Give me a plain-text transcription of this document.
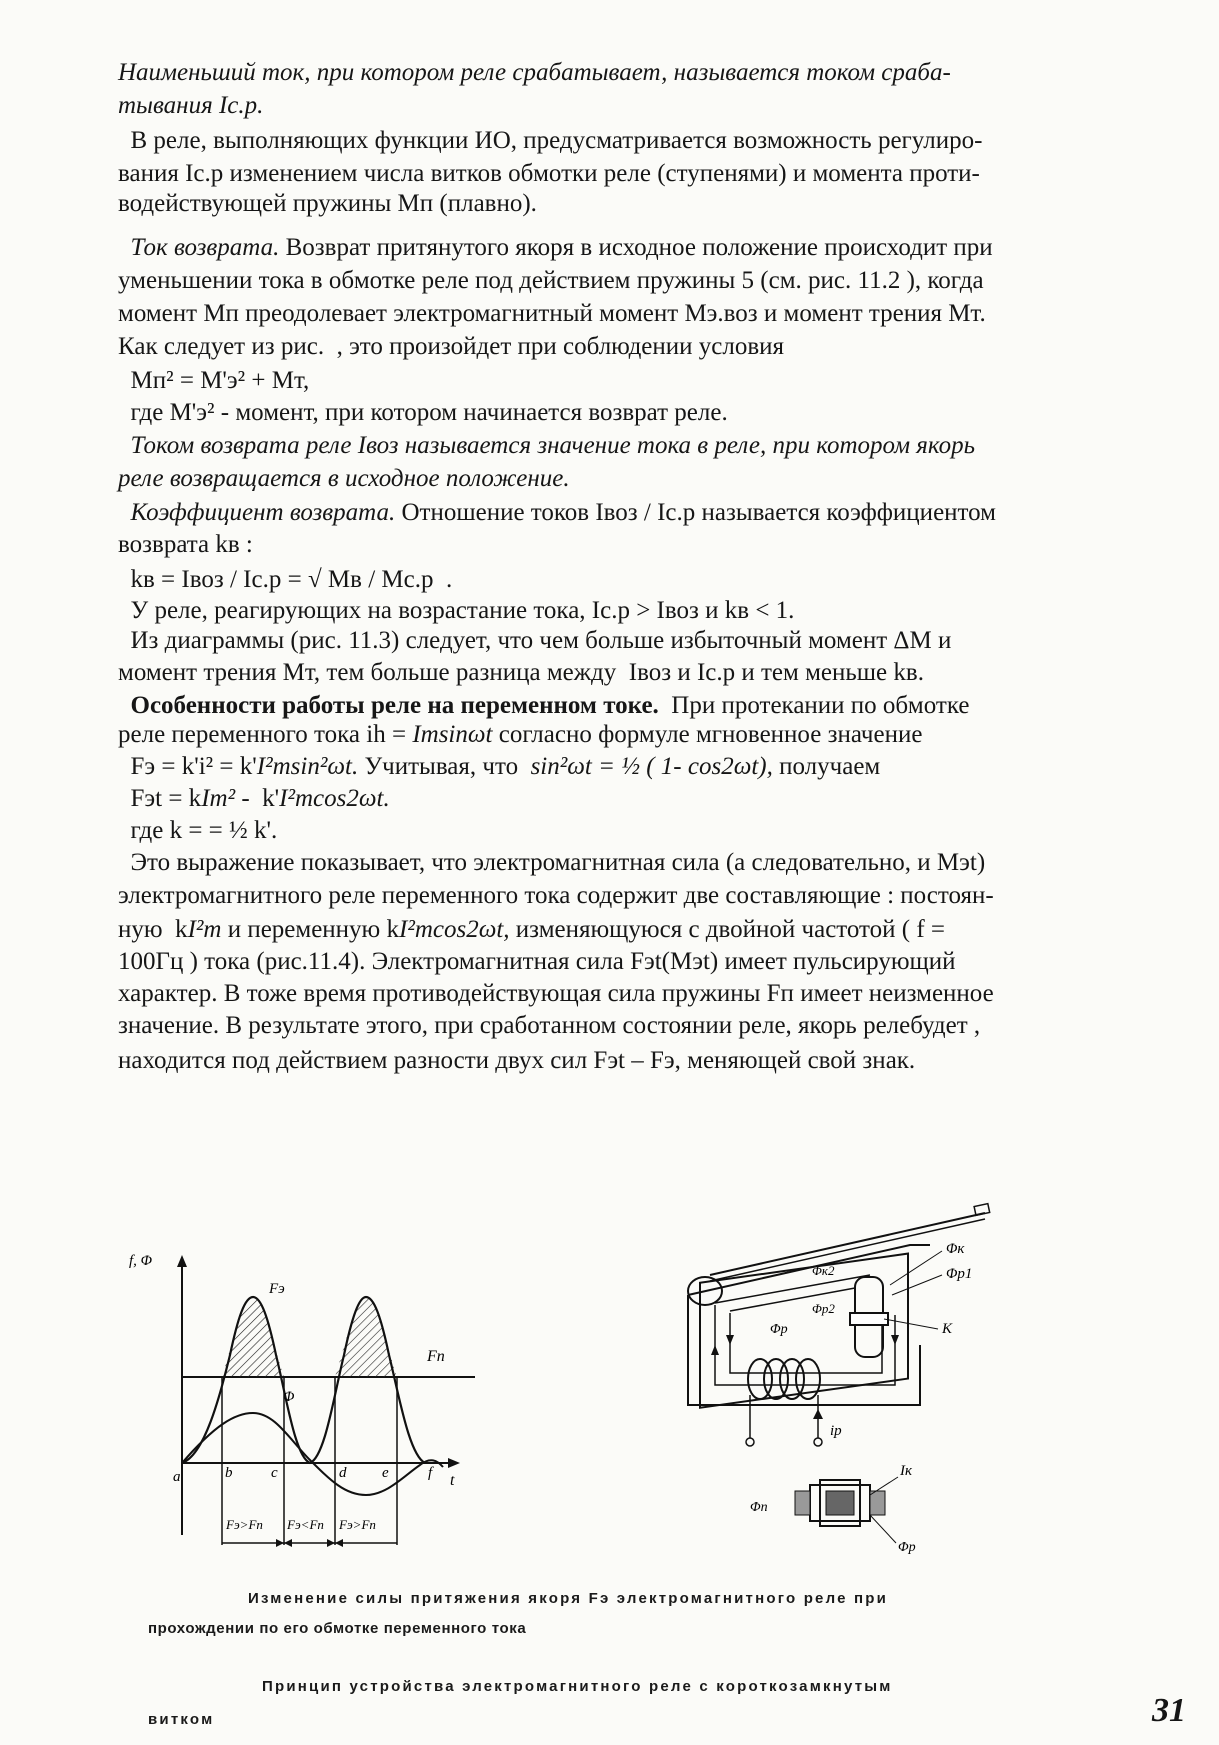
Наименьший ток, при котором реле срабатывает, называется током сраба-
тывания Iс.р.
В реле, выполняющих функции ИО, предусматривается возможность регулиро-
вания Iс.р изменением числа витков обмотки реле (ступенями) и момента проти-
водействующей пружины Мп (плавно).
Ток возврата. Возврат притянутого якоря в исходное положение происходит при
уменьшении тока в обмотке реле под действием пружины 5 (см. рис. 11.2 ), когда
момент Мп преодолевает электромагнитный момент Мэ.воз и момент трения Мт.
Как следует из рис.  , это произойдет при соблюдении условия
Мп² = М'э² + Мт,
где М'э² - момент, при котором начинается возврат реле.
Током возврата реле Iвоз называется значение тока в реле, при котором якорь
реле возвращается в исходное положение.
Коэффициент возврата. Отношение токов Iвоз / Iс.р называется коэффициентом
возврата kв :
kв = Iвоз / Iс.р = √ Мв / Мс.р  .
У реле, реагирующих на возрастание тока, Iс.р > Iвоз и kв < 1.
Из диаграммы (рис. 11.3) следует, что чем больше избыточный момент ΔМ и
момент трения Мт, тем больше разница между  Iвоз и Iс.р и тем меньше kв.
Особенности работы реле на переменном токе.  При протекании по обмотке
реле переменного тока ih = Imsinωt согласно формуле мгновенное значение
Fэ = k'i² = k'I²msin²ωt. Учитывая, что  sin²ωt = ½ ( 1- cos2ωt), получаем
Fэt = kIm² -  k'I²mcos2ωt.
где k = = ½ k'.
Это выражение показывает, что электромагнитная сила (а следовательно, и Мэt)
электромагнитного реле переменного тока содержит две составляющие : постоян-
ную  kI²m и переменную kI²mcos2ωt, изменяющуюся с двойной частотой ( f =
100Гц ) тока (рис.11.4). Электромагнитная сила Fэt(Мэt) имеет пульсирующий
характер. В тоже время противодействующая сила пружины Fп имеет неизменное
значение. В результате этого, при сработанном состоянии реле, якорь релебудет ,
находится под действием разности двух сил Fэt – Fэ, меняющей свой знак.
f, Φ
t
Fп
Fэ
Φ
a	b	c	d e	f
Fэ>Fп Fэ<Fп Fэ>Fп
Φк
Φр1
Φк2
Φр2
Φр	К
iр
Iк
Φп
Φр
Изменение силы притяжения якоря Fэ электромагнитного реле при
прохождении по его обмотке переменного тока
Принцип устройства электромагнитного реле с короткозамкнутым
витком	31
